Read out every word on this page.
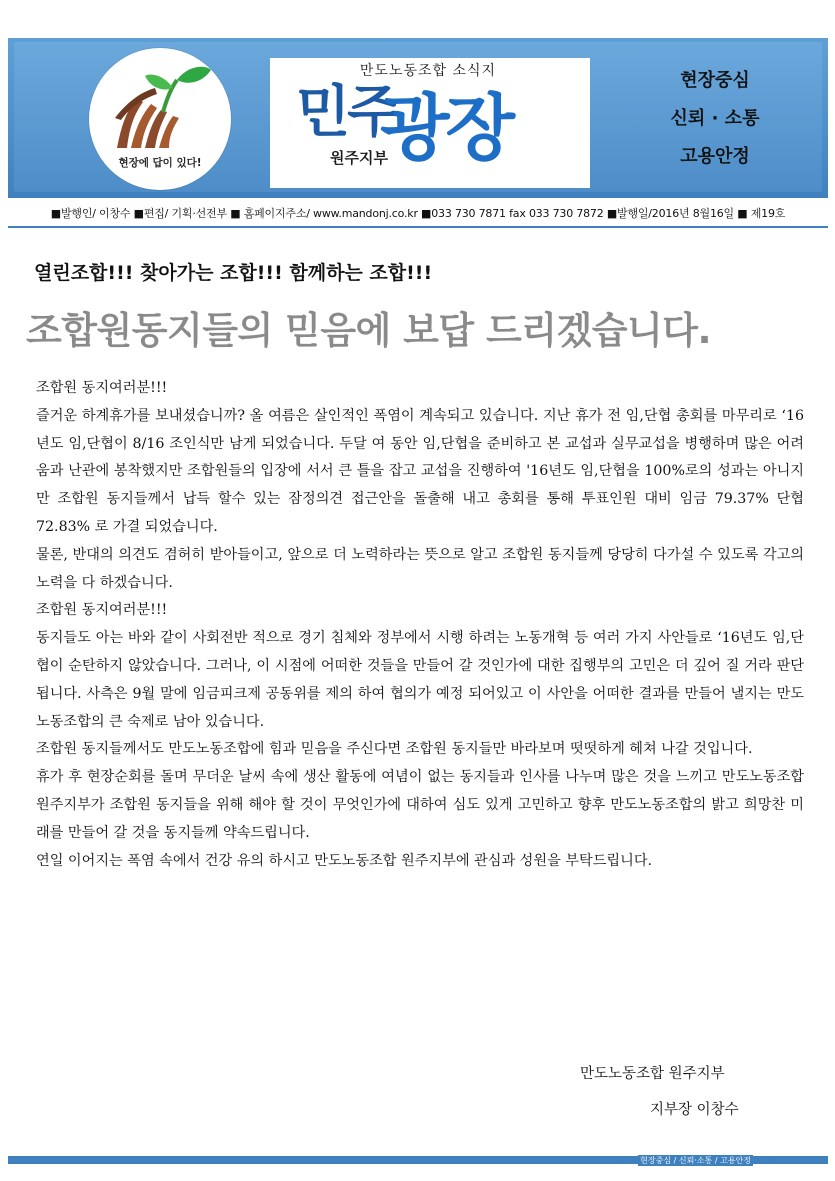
현장에 답이 있다!
만도노동조합 소식지
민주
광장
원주지부
현장중심
신뢰 · 소통
고용안정
■발행인/ 이창수 ■편집/ 기획·선전부 ■ 홈페이지주소/ www.mandonj.co.kr ■033 730 7871 fax 033 730 7872 ■발행일/2016년 8월16일 ■ 제19호
열린조합!!! 찾아가는 조합!!! 함께하는 조합!!!
조합원동지들의 믿음에 보답 드리겠습니다.

조합원 동지여러분!!!

즐거운 하계휴가를 보내셨습니까? 올 여름은 살인적인 폭염이 계속되고 있습니다. 지난 휴가 전 임,단협 총회를 마무리로 ‘16년도 임,단협이 8/16 조인식만 남게 되었습니다. 두달 여 동안 임,단협을 준비하고 본 교섭과 실무교섭을 병행하며 많은 어려움과 난관에 봉착했지만 조합원들의 입장에 서서 큰 틀을 잡고 교섭을 진행하여 '16년도 임,단협을 100%로의 성과는 아니지만 조합원 동지들께서 납득 할수 있는 잠정의견 접근안을 돌출해 내고 총회를 통해 투표인원 대비 임금 79.37% 단협 72.83% 로 가결 되었습니다.

물론, 반대의 의견도 겸허히 받아들이고, 앞으로 더 노력하라는 뜻으로 알고 조합원 동지들께 당당히 다가설 수 있도록 각고의 노력을 다 하겠습니다.

조합원 동지여러분!!!

동지들도 아는 바와 같이 사회전반 적으로 경기 침체와 정부에서 시행 하려는 노동개혁 등 여러 가지 사안들로 ‘16년도 임,단협이 순탄하지 않았습니다. 그러나, 이 시점에 어떠한 것들을 만들어 갈 것인가에 대한 집행부의 고민은 더 깊어 질 거라 판단됩니다. 사측은 9월 말에 임금피크제 공동위를 제의 하여 협의가 예정 되어있고 이 사안을 어떠한 결과를 만들어 낼지는 만도노동조합의 큰 숙제로 남아 있습니다.

조합원 동지들께서도 만도노동조합에 힘과 믿음을 주신다면 조합원 동지들만 바라보며 떳떳하게 헤쳐 나갈 것입니다.

휴가 후 현장순회를 돌며 무더운 날씨 속에 생산 활동에 여념이 없는 동지들과 인사를 나누며 많은 것을 느끼고 만도노동조합 원주지부가 조합원 동지들을 위해 해야 할 것이 무엇인가에 대하여 심도 있게 고민하고 향후 만도노동조합의 밝고 희망찬 미래를 만들어 갈 것을 동지들께 약속드립니다.

연일 이어지는 폭염 속에서 건강 유의 하시고 만도노동조합 원주지부에 관심과 성원을 부탁드립니다.

만도노동조합 원주지부
지부장 이창수
현장중심 / 신뢰·소통 / 고용안정
